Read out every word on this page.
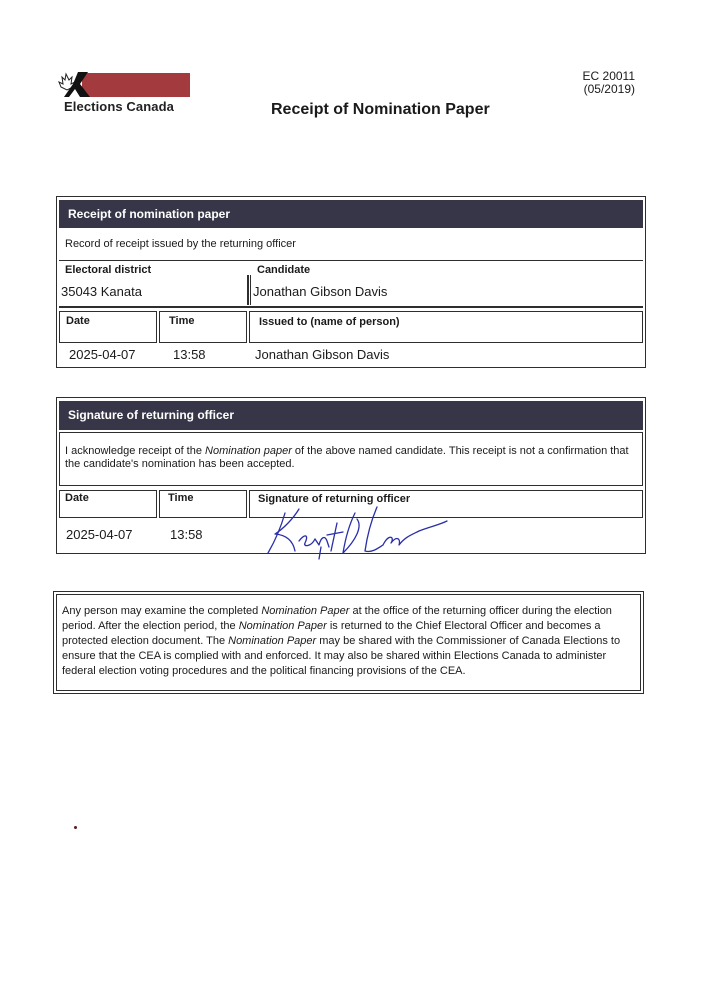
Elections Canada
EC 20011
(05/2019)
Receipt of Nomination Paper
Receipt of nomination paper
Record of receipt issued by the returning officer
Electoral district
35043 Kanata
Candidate
Jonathan Gibson Davis
Date	Time	Issued to (name of person)
2025-04-07	13:58	Jonathan Gibson Davis
Signature of returning officer
I acknowledge receipt of the Nomination paper of the above named candidate. This receipt is not a confirmation that the candidate's nomination has been accepted.
Date	Time	Signature of returning officer
2025-04-07	13:58
Any person may examine the completed Nomination Paper at the office of the returning officer during the election period. After the election period, the Nomination Paper is returned to the Chief Electoral Officer and becomes a protected election document. The Nomination Paper may be shared with the Commissioner of Canada Elections to ensure that the CEA is complied with and enforced. It may also be shared within Elections Canada to administer federal election voting procedures and the political financing provisions of the CEA.
